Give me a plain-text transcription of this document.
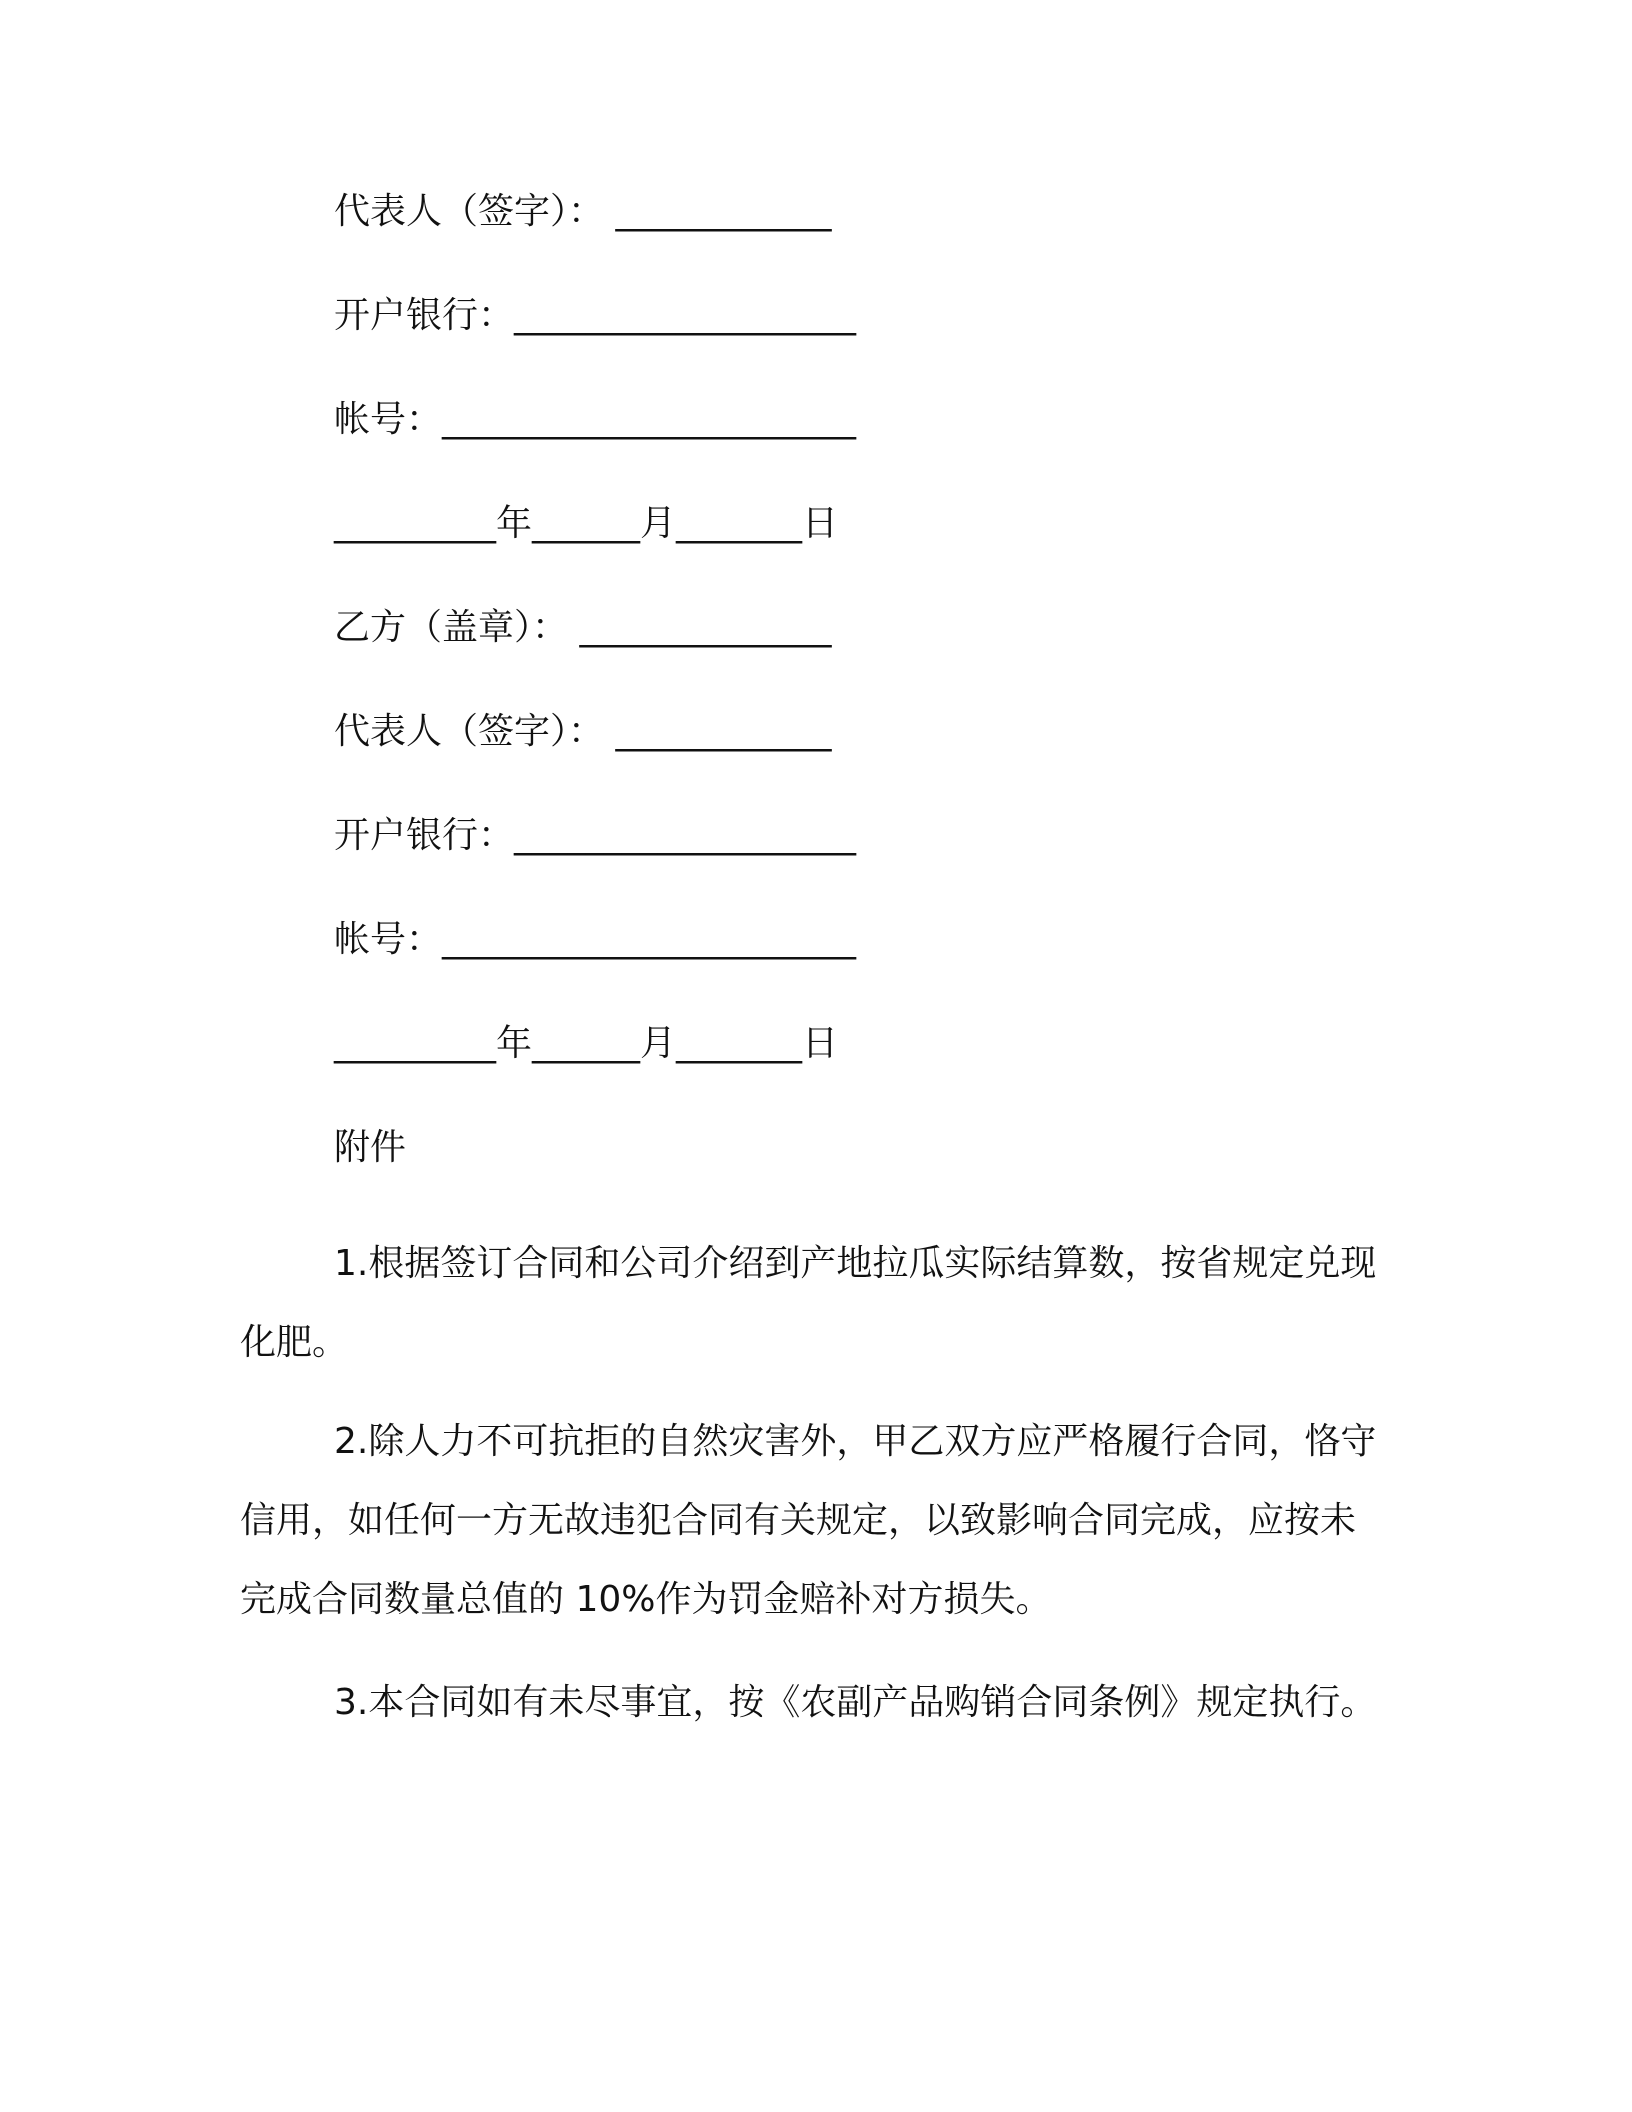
代表人（签字）： ____________
开户银行：___________________
帐号：_______________________
_________年______月_______日
乙方（盖章）： ______________
代表人（签字）： ____________
开户银行：___________________
帐号：_______________________
_________年______月_______日
附件

1.根据签订合同和公司介绍到产地拉瓜实际结算数，按省规定兑现化肥。

2.除人力不可抗拒的自然灾害外，甲乙双方应严格履行合同，恪守信用，如任何一方无故违犯合同有关规定，以致影响合同完成，应按未完成合同数量总值的 10%作为罚金赔补对方损失。

3.本合同如有未尽事宜，按《农副产品购销合同条例》规定执行。
